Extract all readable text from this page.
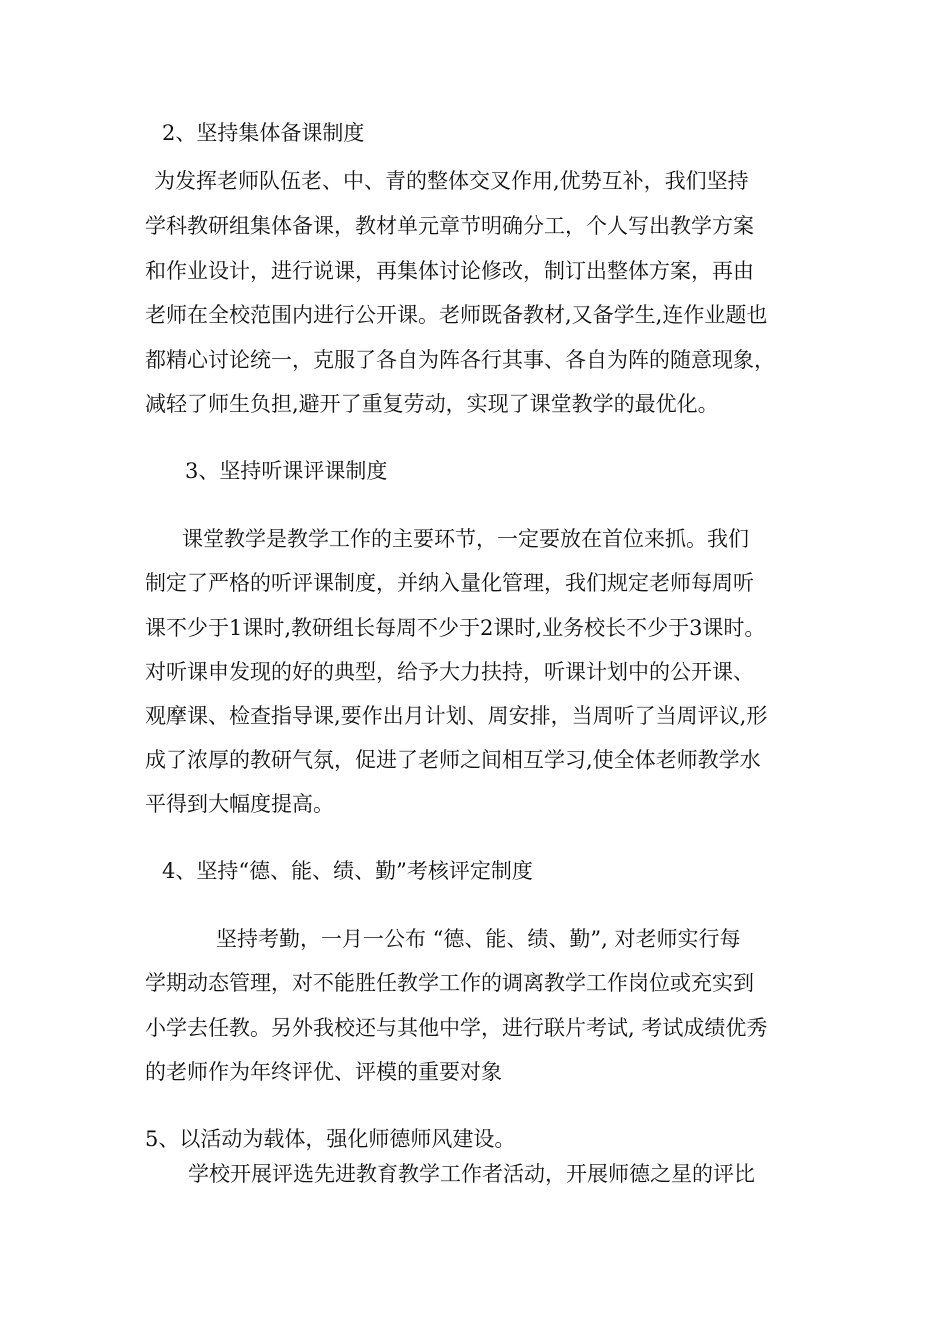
2、坚持集体备课制度
为发挥老师队伍老、中、青的整体交叉作用,优势互补，我们坚持
学科教研组集体备课，教材单元章节明确分工，个人写出教学方案
和作业设计，进行说课，再集体讨论修改，制订出整体方案，再由
老师在全校范围内进行公开课。老师既备教材,又备学生,连作业题也
都精心讨论统一，克服了各自为阵各行其事、各自为阵的随意现象，
减轻了师生负担,避开了重复劳动，实现了课堂教学的最优化。
3、坚持听课评课制度
课堂教学是教学工作的主要环节，一定要放在首位来抓。我们
制定了严格的听评课制度，并纳入量化管理，我们规定老师每周听
课不少于1课时,教研组长每周不少于2课时,业务校长不少于3课时。
对听课申发现的好的典型，给予大力扶持，听课计划中的公开课、
观摩课、检查指导课,要作出月计划、周安排，当周听了当周评议,形
成了浓厚的教研气氛，促进了老师之间相互学习,使全体老师教学水
平得到大幅度提高。
4、坚持“德、能、绩、勤”考核评定制度
坚持考勤，一月一公布 “德、能、绩、勤”, 对老师实行每
学期动态管理，对不能胜任教学工作的调离教学工作岗位或充实到
小学去任教。另外我校还与其他中学，进行联片考试, 考试成绩优秀
的老师作为年终评优、评模的重要对象
5、以活动为载体，强化师德师风建设。
学校开展评选先进教育教学工作者活动，开展师德之星的评比
